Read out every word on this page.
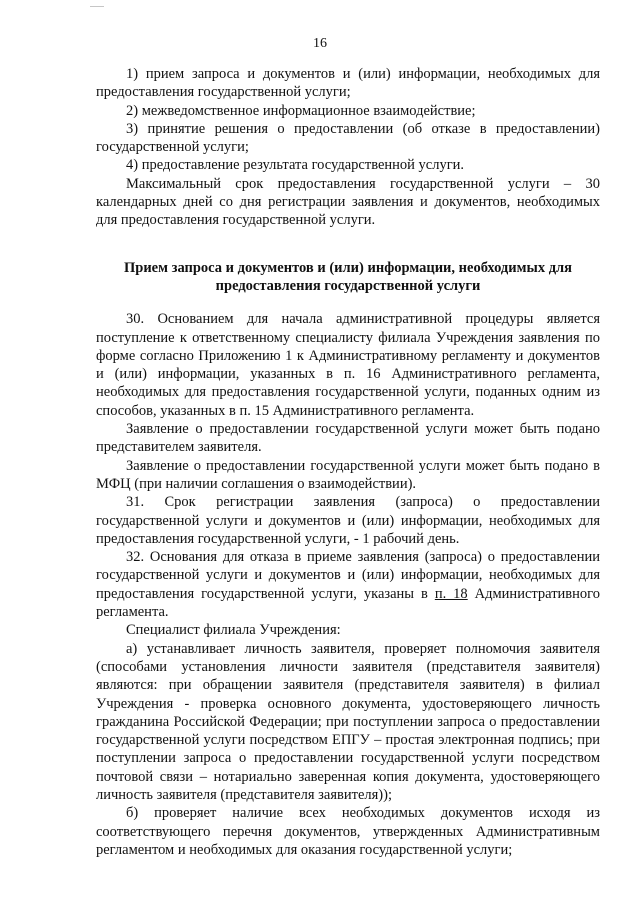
16

1) прием запроса и документов и (или) информации, необходимых для предоставления государственной услуги;

2) межведомственное информационное взаимодействие;

3) принятие решения о предоставлении (об отказе в предоставлении) государственной услуги;

4) предоставление результата государственной услуги.

Максимальный срок предоставления государственной услуги – 30 календарных дней со дня регистрации заявления и документов, необходимых для предоставления государственной услуги.

Прием запроса и документов и (или) информации, необходимых для
предоставления государственной услуги

30. Основанием для начала административной процедуры является поступление к ответственному специалисту филиала Учреждения заявления по форме согласно Приложению 1 к Административному регламенту и документов и (или) информации, указанных в п. 16 Административного регламента, необходимых для предоставления государственной услуги, поданных одним из способов, указанных в п. 15 Административного регламента.

Заявление о предоставлении государственной услуги может быть подано представителем заявителя.

Заявление о предоставлении государственной услуги может быть подано в МФЦ (при наличии соглашения о взаимодействии).

31. Срок регистрации заявления (запроса) о предоставлении государственной услуги и документов и (или) информации, необходимых для предоставления государственной услуги, - 1 рабочий день.

32. Основания для отказа в приеме заявления (запроса) о предоставлении государственной услуги и документов и (или) информации, необходимых для предоставления государственной услуги, указаны в п. 18 Административного регламента.

Специалист филиала Учреждения:

а) устанавливает личность заявителя, проверяет полномочия заявителя (способами установления личности заявителя (представителя заявителя) являются: при обращении заявителя (представителя заявителя) в филиал Учреждения - проверка основного документа, удостоверяющего личность гражданина Российской Федерации; при поступлении запроса о предоставлении государственной услуги посредством ЕПГУ – простая электронная подпись; при поступлении запроса о предоставлении государственной услуги посредством почтовой связи – нотариально заверенная копия документа, удостоверяющего личность заявителя (представителя заявителя));

б) проверяет наличие всех необходимых документов исходя из соответствующего перечня документов, утвержденных Административным регламентом и необходимых для оказания государственной услуги;
